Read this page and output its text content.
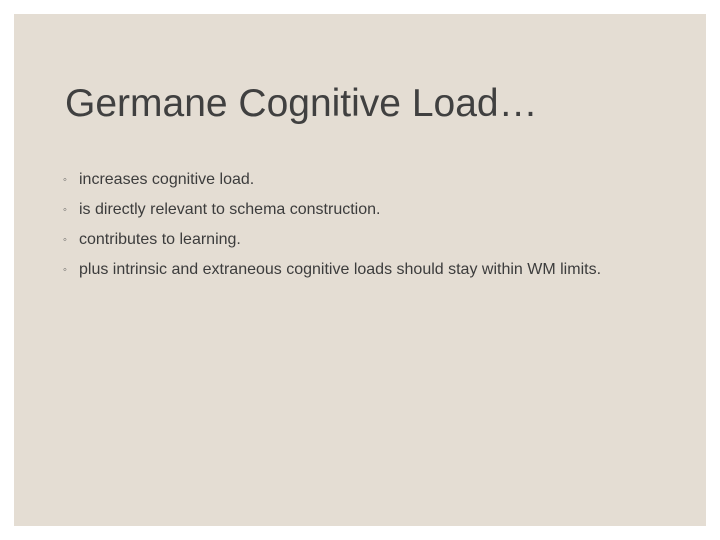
Germane Cognitive Load…
◦ increases cognitive load.
◦ is directly relevant to schema construction.
◦ contributes to learning.
◦ plus intrinsic and extraneous cognitive loads should stay within WM limits.
